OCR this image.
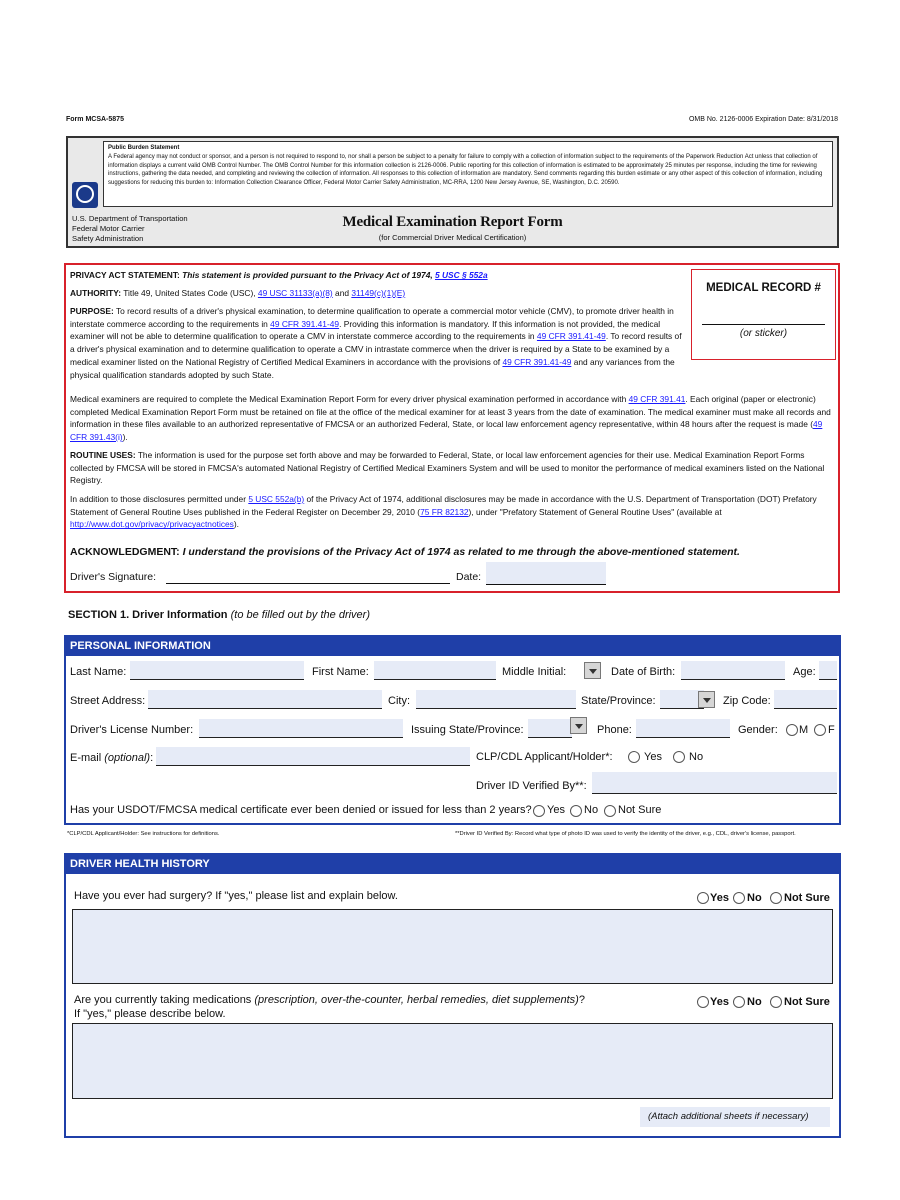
Form MCSA-5875	OMB No. 2126-0006 Expiration Date: 8/31/2018
Public Burden Statement
A Federal agency may not conduct or sponsor, and a person is not required to respond to, nor shall a person be subject to a penalty for failure to comply with a collection of information subject to the requirements of the Paperwork Reduction Act unless that collection of information displays a current valid OMB Control Number. The OMB Control Number for this information collection is 2126-0006. Public reporting for this collection of information is estimated to be approximately 25 minutes per response, including the time for reviewing instructions, gathering the data needed, and completing and reviewing the collection of information. All responses to this collection of information are mandatory. Send comments regarding this burden estimate or any other aspect of this collection of information, including suggestions for reducing this burden to: Information Collection Clearance Officer, Federal Motor Carrier Safety Administration, MC-RRA, 1200 New Jersey Avenue, SE, Washington, D.C. 20590.
U.S. Department of Transportation
Federal Motor Carrier
Safety Administration
Medical Examination Report Form
(for Commercial Driver Medical Certification)
PRIVACY ACT STATEMENT: This statement is provided pursuant to the Privacy Act of 1974, 5 USC § 552a
AUTHORITY: Title 49, United States Code (USC), 49 USC 31133(a)(8) and 31149(c)(1)(E)
PURPOSE: To record results of a driver's physical examination, to determine qualification to operate a commercial motor vehicle (CMV), to promote driver health in interstate commerce according to the requirements in 49 CFR 391.41-49. Providing this information is mandatory. If this information is not provided, the medical examiner will not be able to determine qualification to operate a CMV in interstate commerce according to the requirements in 49 CFR 391.41-49. To record results of a driver's physical examination and to determine qualification to operate a CMV in intrastate commerce when the driver is required by a State to be examined by a medical examiner listed on the National Registry of Certified Medical Examiners in accordance with the provisions of 49 CFR 391.41-49 and any variances from the physical qualification standards adopted by such State.
Medical examiners are required to complete the Medical Examination Report Form for every driver physical examination performed in accordance with 49 CFR 391.41. Each original (paper or electronic) completed Medical Examination Report Form must be retained on file at the office of the medical examiner for at least 3 years from the date of examination. The medical examiner must make all records and information in these files available to an authorized representative of FMCSA or an authorized Federal, State, or local law enforcement agency representative, within 48 hours after the request is made (49 CFR 391.43(i)).
ROUTINE USES: The information is used for the purpose set forth above and may be forwarded to Federal, State, or local law enforcement agencies for their use. Medical Examination Report Forms collected by FMCSA will be stored in FMCSA's automated National Registry of Certified Medical Examiners System and will be used to monitor the performance of medical examiners listed on the National Registry.
In addition to those disclosures permitted under 5 USC 552a(b) of the Privacy Act of 1974, additional disclosures may be made in accordance with the U.S. Department of Transportation (DOT) Prefatory Statement of General Routine Uses published in the Federal Register on December 29, 2010 (75 FR 82132), under "Prefatory Statement of General Routine Uses" (available at http://www.dot.gov/privacy/privacyactnotices).
MEDICAL RECORD #
(or sticker)
ACKNOWLEDGMENT: I understand the provisions of the Privacy Act of 1974 as related to me through the above-mentioned statement.
Driver's Signature:	Date:
SECTION 1. Driver Information (to be filled out by the driver)
PERSONAL INFORMATION
Last Name:	First Name:	Middle Initial:	Date of Birth:	Age:
Street Address:	City:	State/Province:	Zip Code:
Driver's License Number:	Issuing State/Province:	Phone:	Gender: M F
E-mail (optional):	CLP/CDL Applicant/Holder*:	Yes No
Driver ID Verified By**:
Has your USDOT/FMCSA medical certificate ever been denied or issued for less than 2 years? Yes No Not Sure
*CLP/CDL Applicant/Holder: See instructions for definitions.	**Driver ID Verified By: Record what type of photo ID was used to verify the identity of the driver, e.g., CDL, driver's license, passport.
DRIVER HEALTH HISTORY
Have you ever had surgery? If "yes," please list and explain below.	Yes No Not Sure
Are you currently taking medications (prescription, over-the-counter, herbal remedies, diet supplements)?
If "yes," please describe below.
Yes No Not Sure
(Attach additional sheets if necessary)
